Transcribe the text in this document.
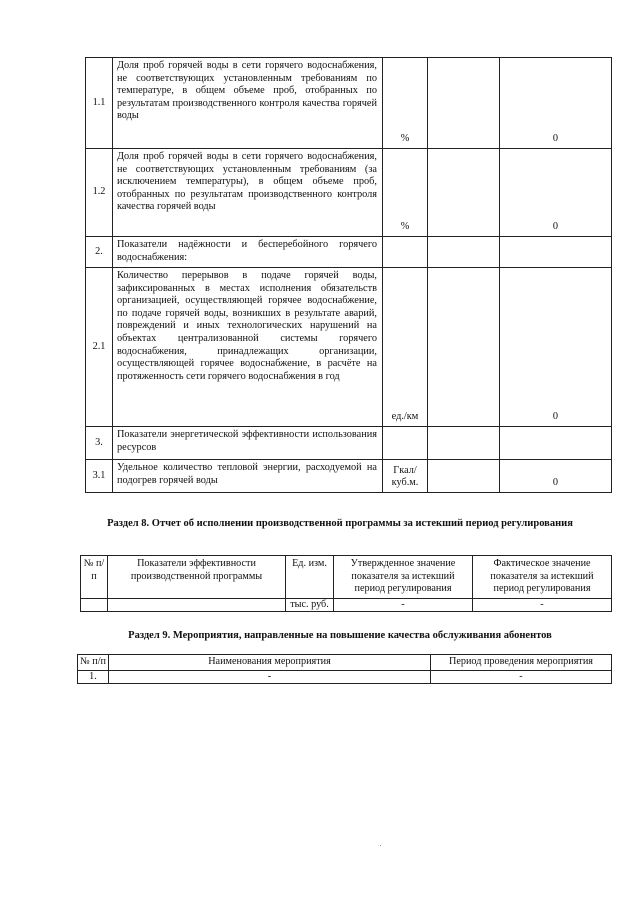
1.1	Доля проб горячей воды в сети горячего водоснабжения, не соответствующих установленным требованиям по температуре, в общем объеме проб, отобранных по результатам производственного контроля качества горячей воды	%		0
1.2	Доля проб горячей воды в сети горячего водоснабжения, не соответствующих установленным требованиям (за исключением температуры), в общем объеме проб, отобранных по результатам производственного контроля качества горячей воды	%		0
2.	Показатели надёжности и бесперебойного горячего водоснабжения:			
2.1	Количество перерывов в подаче горячей воды, зафиксированных в местах исполнения обязательств организацией, осуществляющей горячее водоснабжение, по подаче горячей воды, возникших в результате аварий, повреждений и иных технологических нарушений на объектах централизованной системы горячего водоснабжения, принадлежащих организации, осуществляющей горячее водоснабжение, в расчёте на протяженность сети горячего водоснабжения в год	ед./км		0
3.	Показатели энергетической эффективности использования ресурсов			
3.1	Удельное количество тепловой энергии, расходуемой на подогрев горячей воды	Гкал/ куб.м.		0
Раздел 8. Отчет об исполнении производственной программы за истекший период регулирования
№ п/п	Показатели эффективности производственной программы	Ед. изм.	Утвержденное значение показателя за истекший период регулирования	Фактическое значение показателя за истекший период регулирования
		тыс. руб.	-	-
Раздел 9. Мероприятия, направленные на повышение качества обслуживания абонентов
№ п/п	Наименования мероприятия	Период проведения мероприятия
1.	-	-
